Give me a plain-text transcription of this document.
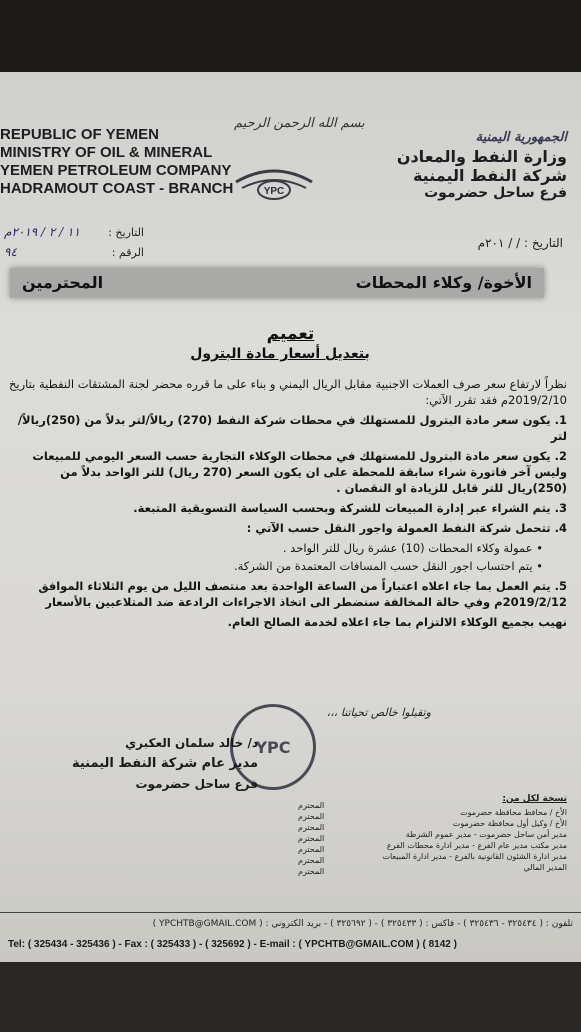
REPUBLIC OF YEMEN
MINISTRY OF OIL & MINERAL
YEMEN PETROLEUM COMPANY
HADRAMOUT COAST - BRANCH
بسم الله الرحمن الرحيم
YPC
الجمهورية اليمنية
وزارة النفط والمعادن
شركة النفط اليمنية
فرع ساحل حضرموت
التاريخ :
١١ / ٢ / ٢٠١٩م
الرقم :
٩٤
التاريخ : / / ٢٠١م
الأخوة/ وكلاء المحطات
المحترمين
تعميم
بتعديل أسعار مادة البترول

نظراً لارتفاع سعر صرف العملات الاجنبية مقابل الريال اليمني و بناء على ما قرره محضر لجنة المشتقات النفطية بتاريخ 2019/2/10م فقد تقرر الآتي:

1. يكون سعر مادة البترول للمستهلك في محطات شركة النفط (270) ريالاً/لتر بدلاً من (250)ريالاً/ لتر
2. يكون سعر مادة البترول للمستهلك في محطات الوكلاء التجارية حسب السعر اليومي للمبيعات وليس آخر فاتورة شراء سابقة للمحطة على ان يكون السعر (270 ريال) للتر الواحد بدلاً من (250)ريال للتر قابل للزيادة او النقصان .
3. يتم الشراء عبر إدارة المبيعات للشركة وبحسب السياسة التسويقية المتبعة.
4. تتحمل شركة النفط العمولة واجور النقل حسب الآتي :
• عمولة وكلاء المحطات (10) عشرة ريال للتر الواحد .
• يتم احتساب اجور النقل حسب المسافات المعتمدة من الشركة.
5. يتم العمل بما جاء اعلاه اعتباراً من الساعة الواحدة بعد منتصف الليل من يوم الثلاثاء الموافق 2019/2/12م وفي حالة المخالفة سنضطر الى اتخاذ الاجراءات الرادعة ضد المتلاعبين بالأسعار
نهيب بجميع الوكلاء الالتزام بما جاء اعلاه لخدمة الصالح العام.
وتقبلوا خالص تحياتنا ،،،
YPC
د/ خالد سلمان العكبري
مدير عام شركة النفط اليمنية
فرع ساحل حضرموت
المحترم
المحترم
المحترم
المحترم
المحترم
المحترم
المحترم
نسخة لكل من:
الأخ / محافظ محافظة حضرموت
الأخ / وكيل أول محافظة حضرموت
مدير أمن ساحل حضرموت - مدير عموم الشرطة
مدير مكتب مدير عام الفرع - مدير ادارة محطات الفرع
مدير ادارة الشئون القانونية بالفرع - مدير ادارة المبيعات
المدير المالي
تلفون : ( ٣٢٥٤٣٤ - ٣٢٥٤٣٦ ) - فاكس : ( ٣٢٥٤٣٣ ) - ( ٣٢٥٦٩٢ ) - بريد الكتروني : ( YPCHTB@GMAIL.COM )
Tel: ( 325434 - 325436 ) - Fax : ( 325433 ) - ( 325692 ) - E-mail : ( YPCHTB@GMAIL.COM ) ( 8142 )
